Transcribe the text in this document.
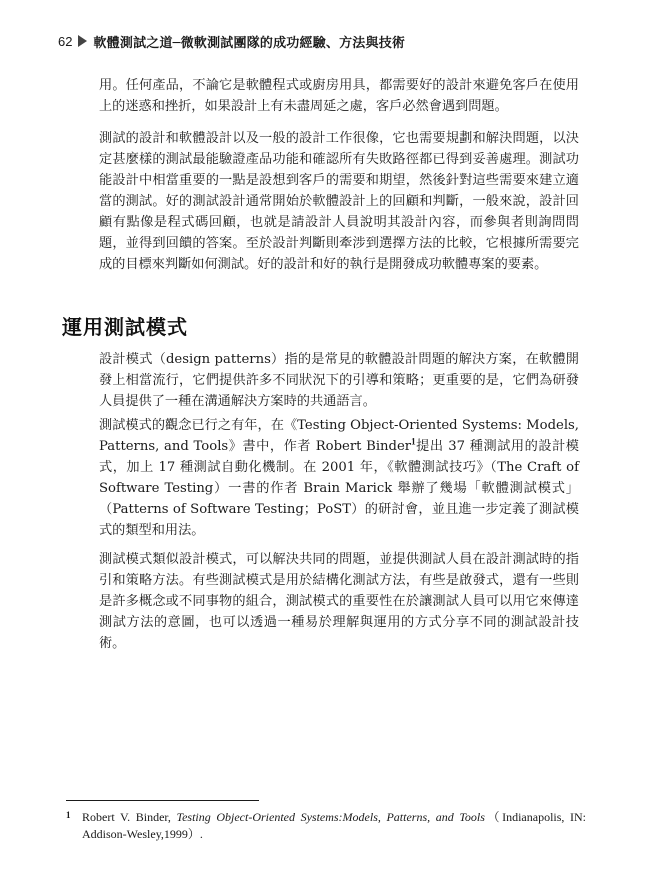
62 軟體測試之道─微軟測試團隊的成功經驗、方法與技術

用。任何產品，不論它是軟體程式或廚房用具，都需要好的設計來避免客戶在使用上的迷惑和挫折，如果設計上有未盡周延之處，客戶必然會遇到問題。

測試的設計和軟體設計以及一般的設計工作很像，它也需要規劃和解決問題，以決定甚麼樣的測試最能驗證產品功能和確認所有失敗路徑都已得到妥善處理。測試功能設計中相當重要的一點是設想到客戶的需要和期望，然後針對這些需要來建立適當的測試。好的測試設計通常開始於軟體設計上的回顧和判斷，一般來說，設計回顧有點像是程式碼回顧，也就是請設計人員說明其設計內容，而參與者則詢問問題，並得到回饋的答案。至於設計判斷則牽涉到選擇方法的比較，它根據所需要完成的目標來判斷如何測試。好的設計和好的執行是開發成功軟體專案的要素。

運用測試模式

設計模式（design patterns）指的是常見的軟體設計問題的解決方案，在軟體開發上相當流行，它們提供許多不同狀況下的引導和策略；更重要的是，它們為研發人員提供了一種在溝通解決方案時的共通語言。

測試模式的觀念已行之有年，在《Testing Object-Oriented Systems: Models, Patterns, and Tools》書中，作者 Robert Binder$^1$提出 37 種測試用的設計模式，加上 17 種測試自動化機制。在 2001 年，《軟體測試技巧》（The Craft of Software Testing）一書的作者 Brain Marick 舉辦了幾場「軟體測試模式」（Patterns of Software Testing；PoST）的研討會，並且進一步定義了測試模式的類型和用法。

測試模式類似設計模式，可以解決共同的問題，並提供測試人員在設計測試時的指引和策略方法。有些測試模式是用於結構化測試方法，有些是啟發式，還有一些則是許多概念或不同事物的組合，測試模式的重要性在於讓測試人員可以用它來傳達測試方法的意圖，也可以透過一種易於理解與運用的方式分享不同的測試設計技術。

1 Robert V. Binder, Testing Object-Oriented Systems:Models, Patterns, and Tools（Indianapolis, IN: Addison-Wesley,1999）.
